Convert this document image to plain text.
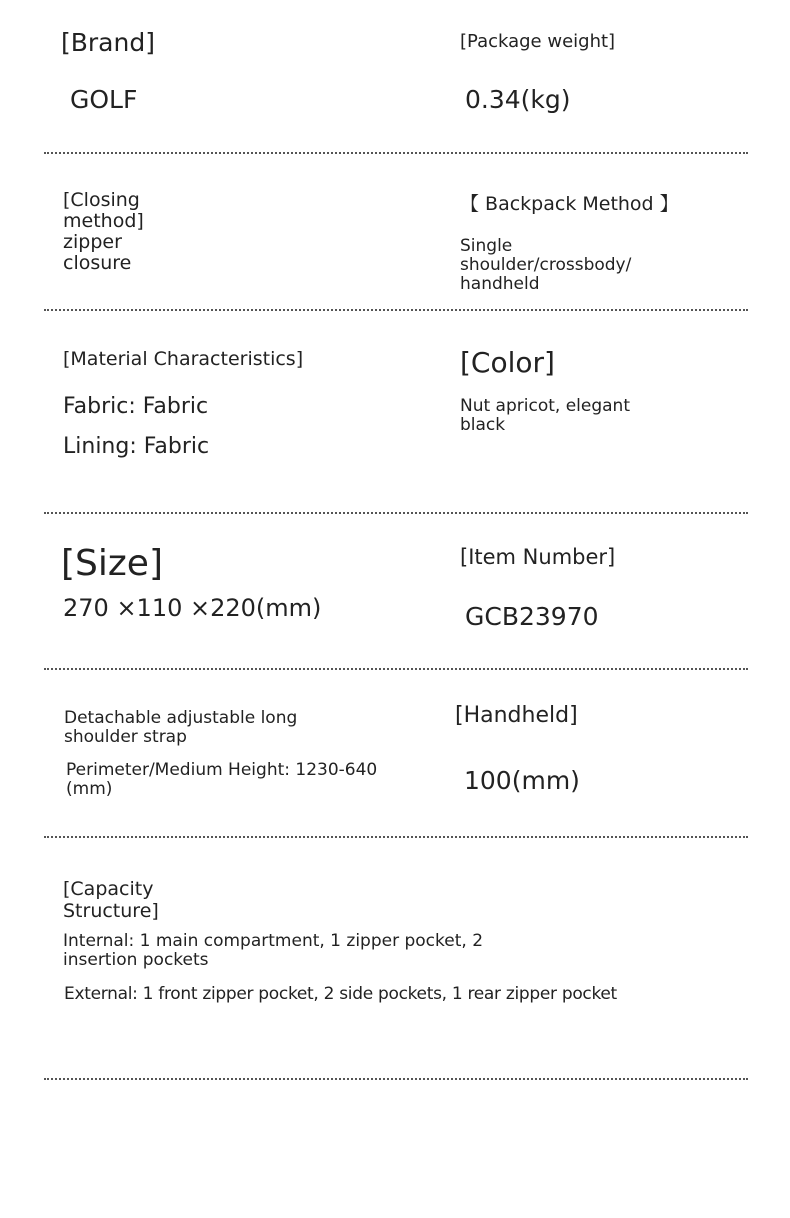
[Brand]
GOLF
[Package weight]
0.34(kg)
[Closing
method]
zipper
closure
【 Backpack Method 】
Single
shoulder/crossbody/
handheld
[Material Characteristics]
Fabric: Fabric
Lining: Fabric
[Color]
Nut apricot, elegant
black
[Size]
270 ×110 ×220(mm)
[Item Number]
GCB23970
Detachable adjustable long
shoulder strap
Perimeter/Medium Height: 1230-640
(mm)
[Handheld]
100(mm)
[Capacity
Structure]
Internal: 1 main compartment, 1 zipper pocket, 2
insertion pockets
External: 1 front zipper pocket, 2 side pockets, 1 rear zipper pocket
